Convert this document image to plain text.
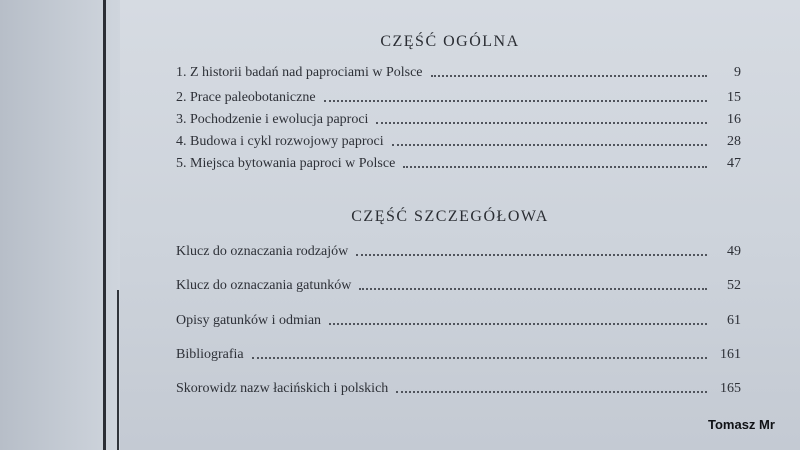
CZĘŚĆ OGÓLNA
1. Z historii badań nad paprociami w Polsce	9
2. Prace paleobotaniczne	15
3. Pochodzenie i ewolucja paproci	16
4. Budowa i cykl rozwojowy paproci	28
5. Miejsca bytowania paproci w Polsce	47
CZĘŚĆ SZCZEGÓŁOWA
Klucz do oznaczania rodzajów	49
Klucz do oznaczania gatunków	52
Opisy gatunków i odmian	61
Bibliografia	161
Skorowidz nazw łacińskich i polskich	165
Tomasz Mr
